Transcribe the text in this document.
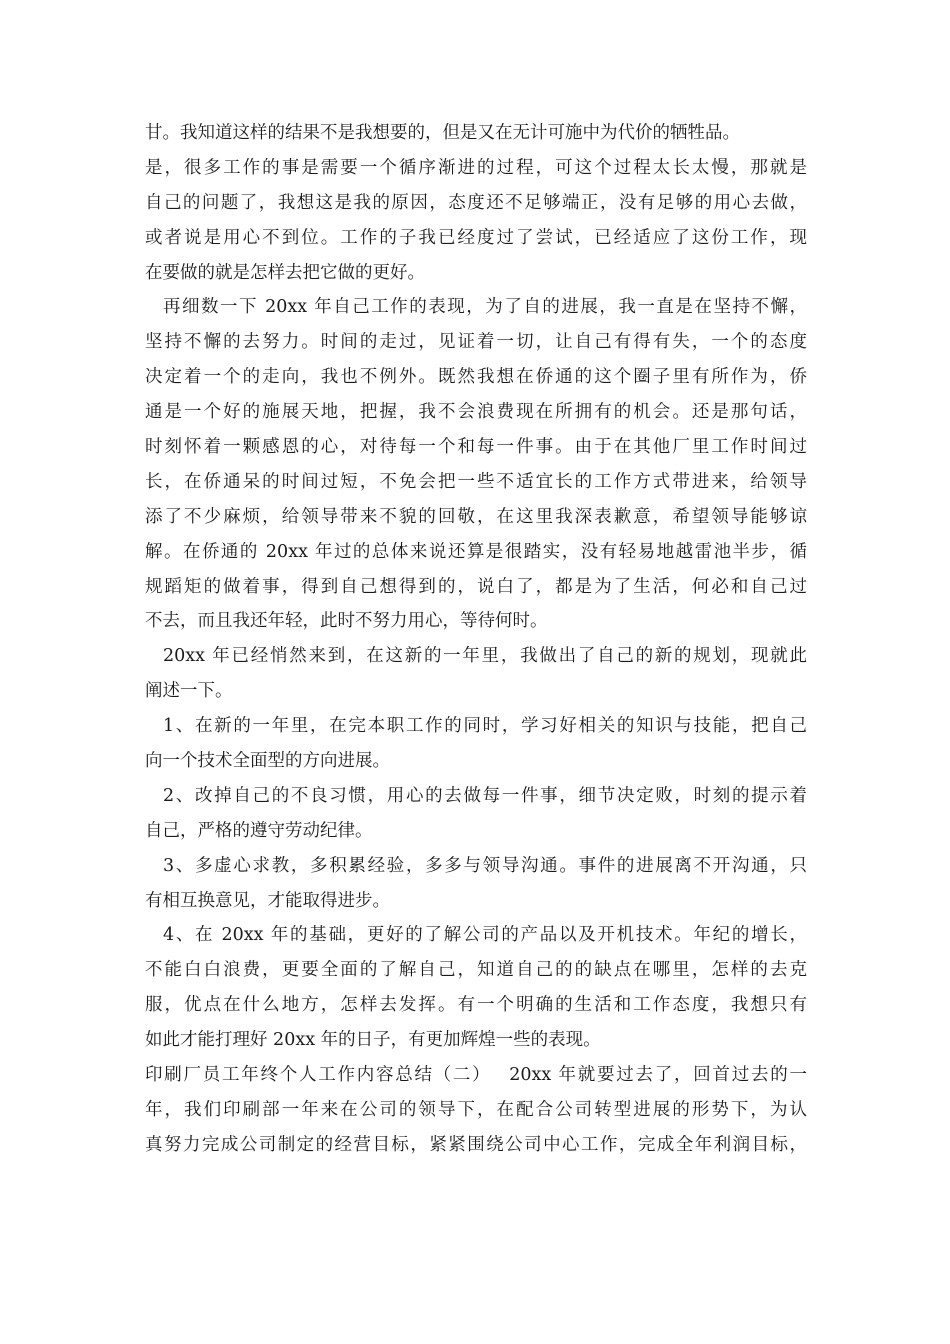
甘。我知道这样的结果不是我想要的，但是又在无计可施中为代价的牺牲品。
是，很多工作的事是需要一个循序渐进的过程，可这个过程太长太慢，那就是
自己的问题了，我想这是我的原因，态度还不足够端正，没有足够的用心去做，
或者说是用心不到位。工作的子我已经度过了尝试，已经适应了这份工作，现
在要做的就是怎样去把它做的更好。
再细数一下 20xx 年自己工作的表现，为了自的进展，我一直是在坚持不懈，
坚持不懈的去努力。时间的走过，见证着一切，让自己有得有失，一个的态度
决定着一个的走向，我也不例外。既然我想在侨通的这个圈子里有所作为，侨
通是一个好的施展天地，把握，我不会浪费现在所拥有的机会。还是那句话，
时刻怀着一颗感恩的心，对待每一个和每一件事。由于在其他厂里工作时间过
长，在侨通呆的时间过短，不免会把一些不适宜长的工作方式带进来，给领导
添了不少麻烦，给领导带来不貌的回敬，在这里我深表歉意，希望领导能够谅
解。在侨通的 20xx 年过的总体来说还算是很踏实，没有轻易地越雷池半步，循
规蹈矩的做着事，得到自己想得到的，说白了，都是为了生活，何必和自己过
不去，而且我还年轻，此时不努力用心，等待何时。
20xx 年已经悄然来到，在这新的一年里，我做出了自己的新的规划，现就此
阐述一下。
1、在新的一年里，在完本职工作的同时，学习好相关的知识与技能，把自己
向一个技术全面型的方向进展。
2、改掉自己的不良习惯，用心的去做每一件事，细节决定败，时刻的提示着
自己，严格的遵守劳动纪律。
3、多虚心求教，多积累经验，多多与领导沟通。事件的进展离不开沟通，只
有相互换意见，才能取得进步。
4、在 20xx 年的基础，更好的了解公司的产品以及开机技术。年纪的增长，
不能白白浪费，更要全面的了解自己，知道自己的的缺点在哪里，怎样的去克
服，优点在什么地方，怎样去发挥。有一个明确的生活和工作态度，我想只有
如此才能打理好 20xx 年的日子，有更加辉煌一些的表现。
印刷厂员工年终个人工作内容总结（二）　 20xx 年就要过去了，回首过去的一
年，我们印刷部一年来在公司的领导下，在配合公司转型进展的形势下，为认
真努力完成公司制定的经营目标，紧紧围绕公司中心工作，完成全年利润目标，
